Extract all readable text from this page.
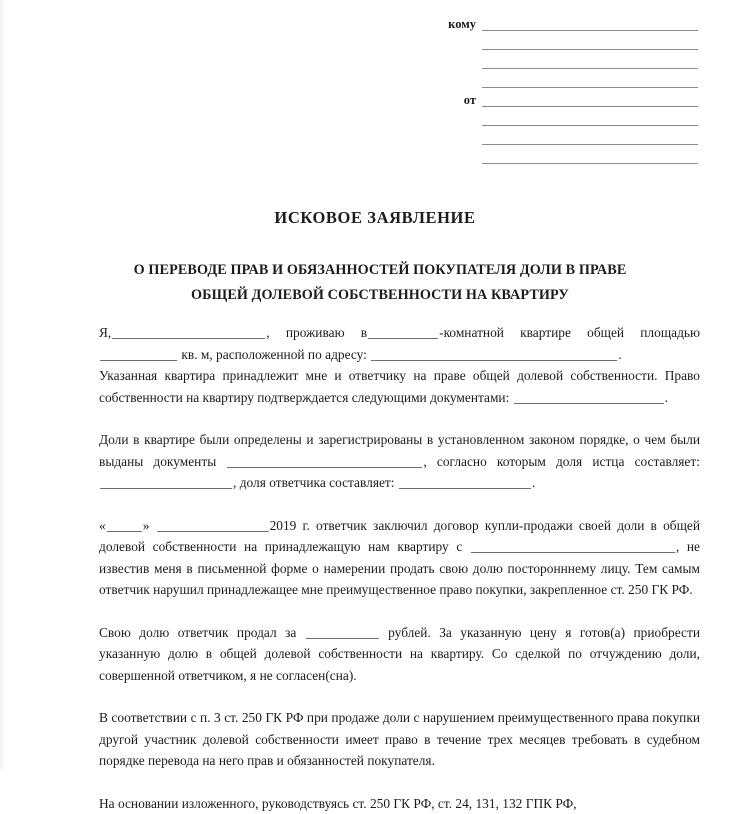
кому
от
ИСКОВОЕ ЗАЯВЛЕНИЕ
О ПЕРЕВОДЕ ПРАВ И ОБЯЗАННОСТЕЙ ПОКУПАТЕЛЯ ДОЛИ В ПРАВЕ
ОБЩЕЙ ДОЛЕВОЙ СОБСТВЕННОСТИ НА КВАРТИРУ

Я,	, проживаю в	-комнатной квартире общей площадью  кв. м, расположенной по адресу:	.

Указанная квартира принадлежит мне и ответчику на праве общей долевой собственности. Право собственности на квартиру подтверждается следующими документами:	.

Доли в квартире были определены и зарегистрированы в установленном законом порядке, о чем были выданы документы	, согласно которым доля истца составляет: , доля ответчика составляет:	.

«	»	2019 г. ответчик заключил договор купли-продажи своей доли в общей долевой собственности на принадлежащую нам квартиру с	, не известив меня в письменной форме о намерении продать свою долю посторонннему лицу. Тем самым ответчик нарушил принадлежащее мне преимущественное право покупки, закрепленное ст. 250 ГК РФ.

Свою долю ответчик продал за	рублей. За указанную цену я готов(а) приобрести указанную долю в общей долевой собственности на квартиру. Со сделкой по отчуждению доли, совершенной ответчиком, я не согласен(сна).

В соответствии с п. 3 ст. 250 ГК РФ при продаже доли с нарушением преимущественного права покупки другой участник долевой собственности имеет право в течение трех месяцев требовать в судебном порядке перевода на него прав и обязанностей покупателя.

На основании изложенного, руководствуясь ст. 250 ГК РФ, ст. 24, 131, 132 ГПК РФ,
